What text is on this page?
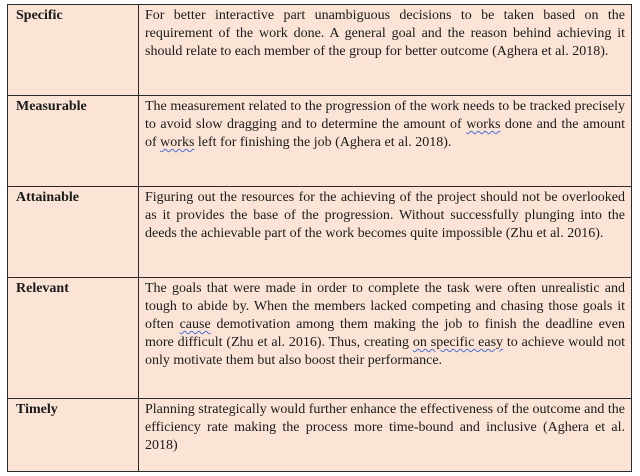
Specific	For better interactive part unambiguous decisions to be taken based on the requirement of the work done. A general goal and the reason behind achieving it should relate to each member of the group for better outcome (Aghera et al. 2018).
Measurable	The measurement related to the progression of the work needs to be tracked precisely to avoid slow dragging and to determine the amount of works done and the amount of works left for finishing the job (Aghera et al. 2018).
Attainable	Figuring out the resources for the achieving of the project should not be overlooked as it provides the base of the progression. Without successfully plunging into the deeds the achievable part of the work becomes quite impossible (Zhu et al. 2016).
Relevant	The goals that were made in order to complete the task were often unrealistic and tough to abide by. When the members lacked competing and chasing those goals it often cause demotivation among them making the job to finish the deadline even more difficult (Zhu et al. 2016). Thus, creating on specific easy to achieve would not only motivate them but also boost their performance.
Timely	Planning strategically would further enhance the effectiveness of the outcome and the efficiency rate making the process more time-bound and inclusive (Aghera et al. 2018)
